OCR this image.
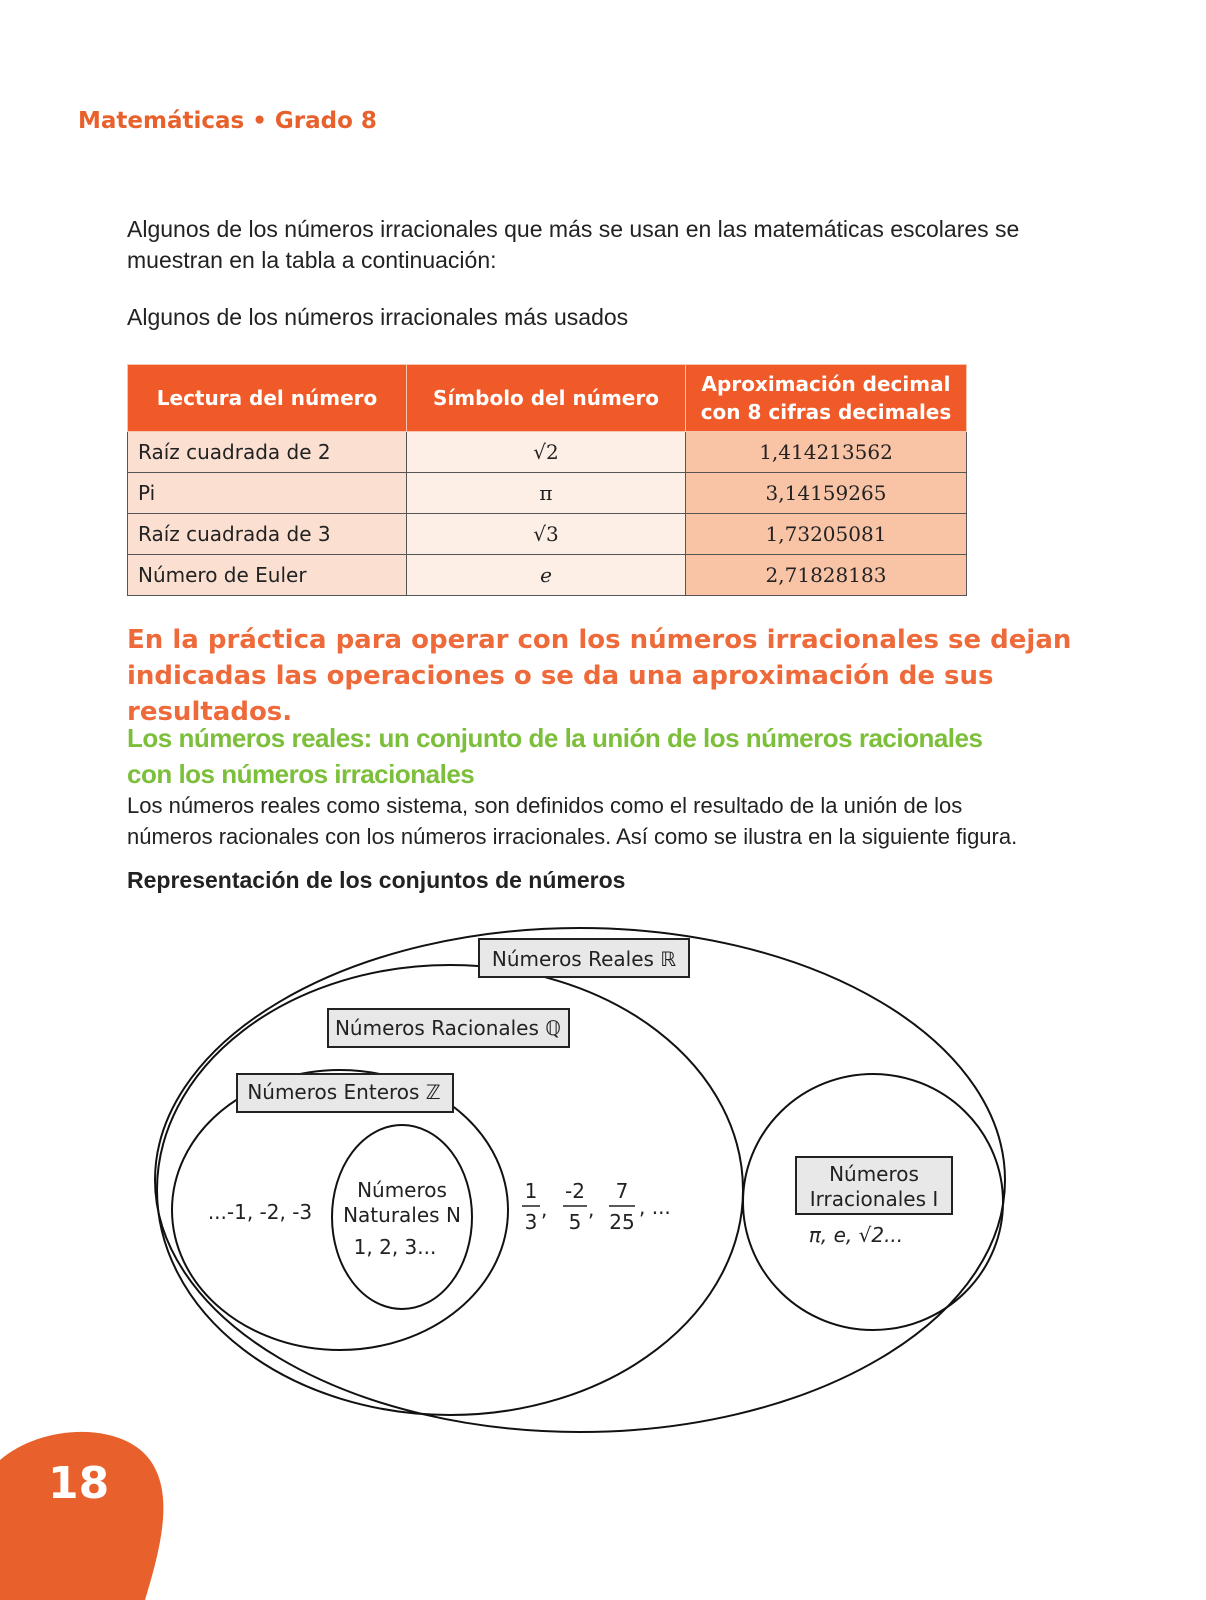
Matemáticas • Grado 8
Algunos de los números irracionales que más se usan en las matemáticas escolares se muestran en la tabla a continuación:
Algunos de los números irracionales más usados
Lectura del número	Símbolo del número	Aproximación decimal con 8 cifras decimales
Raíz cuadrada de 2	√2	1,414213562
Pi	π	3,14159265
Raíz cuadrada de 3	√3	1,73205081
Número de Euler	e	2,71828183
En la práctica para operar con los números irracionales se dejan indicadas las operaciones o se da una aproximación de sus resultados.
Los números reales: un conjunto de la unión de los números racionales con los números irracionales
Los números reales como sistema, son definidos como el resultado de la unión de los números racionales con los números irracionales. Así como se ilustra en la siguiente figura.
Representación de los conjuntos de números
Números Reales ℝ
Números Racionales ℚ
Números Enteros ℤ
Números
Irracionales I
π, e, √2...
Números
Naturales N
1, 2, 3...
...-1, -2, -3
1
3
,
-2
5
,
7
25
, ...
18
